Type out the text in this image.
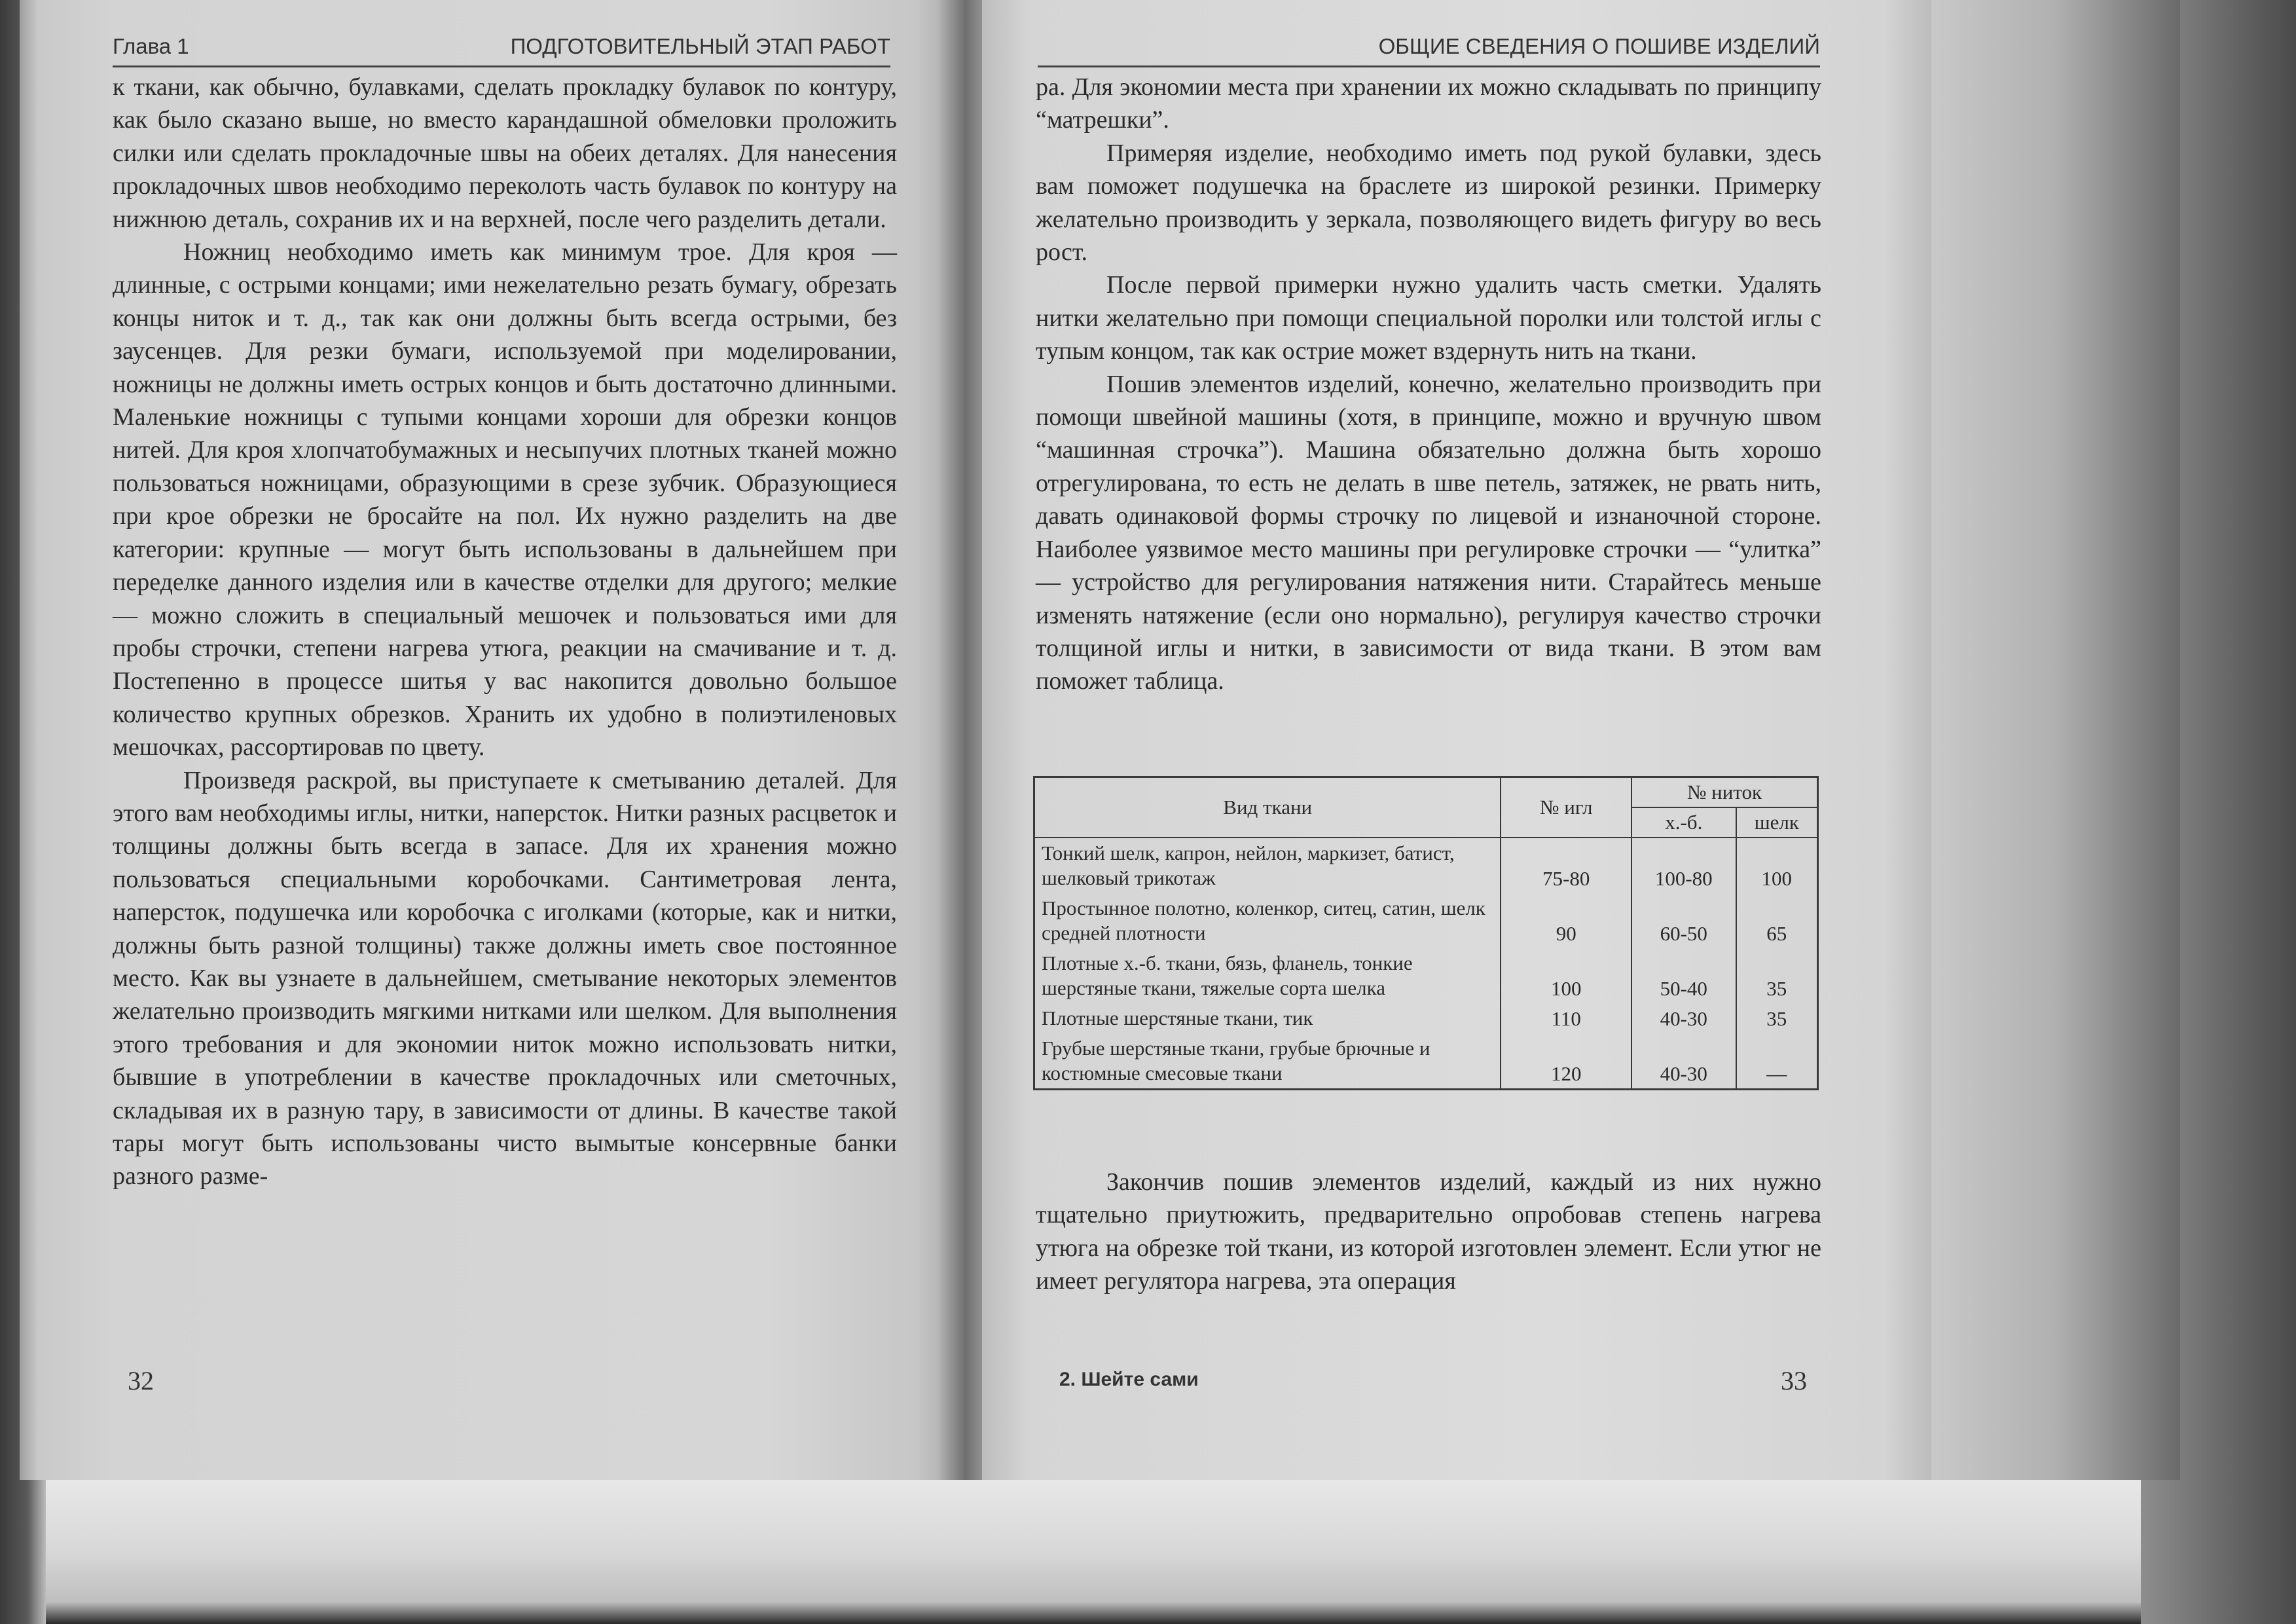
Глава 1	ПОДГОТОВИТЕЛЬНЫЙ ЭТАП РАБОТ

к ткани, как обычно, булавками, сделать прокладку булавок по контуру, как было сказано выше, но вместо карандашной обмеловки проложить силки или сделать прокладочные швы на обеих деталях. Для нанесения прокладочных швов необходимо переколоть часть булавок по контуру на нижнюю деталь, сохранив их и на верхней, после чего разделить детали.

Ножниц необходимо иметь как минимум трое. Для кроя — длинные, с острыми концами; ими нежелательно резать бумагу, обрезать концы ниток и т. д., так как они должны быть всегда острыми, без заусенцев. Для резки бумаги, используемой при моделировании, ножницы не должны иметь острых концов и быть достаточно длинными. Маленькие ножницы с тупыми концами хороши для обрезки концов нитей. Для кроя хлопчатобумажных и несыпучих плотных тканей можно пользоваться ножницами, образующими в срезе зубчик. Образующиеся при крое обрезки не бросайте на пол. Их нужно разделить на две категории: крупные — могут быть использованы в дальнейшем при переделке данного изделия или в качестве отделки для другого; мелкие — можно сложить в специальный мешочек и пользоваться ими для пробы строчки, степени нагрева утюга, реакции на смачивание и т. д. Постепенно в процессе шитья у вас накопится довольно большое количество крупных обрезков. Хранить их удобно в полиэтиленовых мешочках, рассортировав по цвету.

Произведя раскрой, вы приступаете к сметыванию деталей. Для этого вам необходимы иглы, нитки, наперсток. Нитки разных расцветок и толщины должны быть всегда в запасе. Для их хранения можно пользоваться специальными коробочками. Сантиметровая лента, наперсток, подушечка или коробочка с иголками (которые, как и нитки, должны быть разной толщины) также должны иметь свое постоянное место. Как вы узнаете в дальнейшем, сметывание некоторых элементов желательно производить мягкими нитками или шелком. Для выполнения этого требования и для экономии ниток можно использовать нитки, бывшие в употреблении в качестве прокладочных или сметочных, складывая их в разную тару, в зависимости от длины. В качестве такой тары могут быть использованы чисто вымытые консервные банки разного разме-

32
ОБЩИЕ СВЕДЕНИЯ О ПОШИВЕ ИЗДЕЛИЙ

ра. Для экономии места при хранении их можно складывать по принципу “матрешки”.

Примеряя изделие, необходимо иметь под рукой булавки, здесь вам поможет подушечка на браслете из широкой резинки. Примерку желательно производить у зеркала, позволяющего видеть фигуру во весь рост.

После первой примерки нужно удалить часть сметки. Удалять нитки желательно при помощи специальной поролки или толстой иглы с тупым концом, так как острие может вздернуть нить на ткани.

Пошив элементов изделий, конечно, желательно производить при помощи швейной машины (хотя, в принципе, можно и вручную швом “машинная строчка”). Машина обязательно должна быть хорошо отрегулирована, то есть не делать в шве петель, затяжек, не рвать нить, давать одинаковой формы строчку по лицевой и изнаночной стороне. Наиболее уязвимое место машины при регулировке строчки — “улитка” — устройство для регулирования натяжения нити. Старайтесь меньше изменять натяжение (если оно нормально), регулируя качество строчки толщиной иглы и нитки, в зависимости от вида ткани. В этом вам поможет таблица.

Вид ткани	№ игл	№ ниток	
		х.-б.	шелк
Тонкий шелк, капрон, нейлон, маркизет, батист, шелковый трикотаж	75-80	100-80	100
Простынное полотно, коленкор, ситец, сатин, шелк средней плотности	90	60-50	65
Плотные х.-б. ткани, бязь, фланель, тонкие шерстяные ткани, тяжелые сорта шелка	100	50-40	35
Плотные шерстяные ткани, тик	110	40-30	35
Грубые шерстяные ткани, грубые брючные и костюмные смесовые ткани	120	40-30	—

Закончив пошив элементов изделий, каждый из них нужно тщательно приутюжить, предварительно опробовав степень нагрева утюга на обрезке той ткани, из которой изготовлен элемент. Если утюг не имеет регулятора нагрева, эта операция

2. Шейте сами	33
